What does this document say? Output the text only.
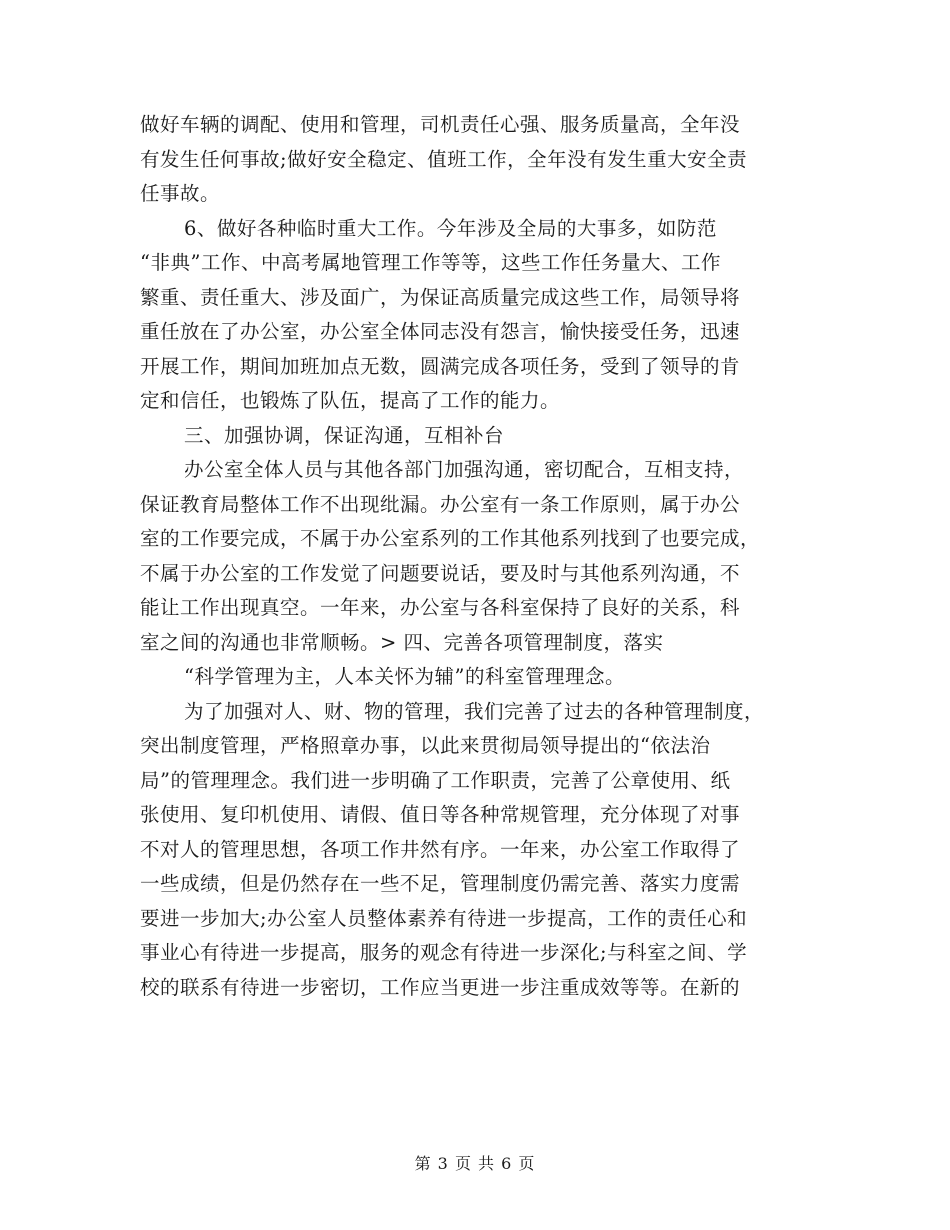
做好车辆的调配、使用和管理，司机责任心强、服务质量高，全年没
有发生任何事故;做好安全稳定、值班工作，全年没有发生重大安全责
任事故。
6、做好各种临时重大工作。今年涉及全局的大事多，如防范
“非典”工作、中高考属地管理工作等等，这些工作任务量大、工作
繁重、责任重大、涉及面广，为保证高质量完成这些工作，局领导将
重任放在了办公室，办公室全体同志没有怨言，愉快接受任务，迅速
开展工作，期间加班加点无数，圆满完成各项任务，受到了领导的肯
定和信任，也锻炼了队伍，提高了工作的能力。
三、加强协调，保证沟通，互相补台
办公室全体人员与其他各部门加强沟通，密切配合，互相支持，
保证教育局整体工作不出现纰漏。办公室有一条工作原则，属于办公
室的工作要完成，不属于办公室系列的工作其他系列找到了也要完成，
不属于办公室的工作发觉了问题要说话，要及时与其他系列沟通，不
能让工作出现真空。一年来，办公室与各科室保持了良好的关系，科
室之间的沟通也非常顺畅。> 四、完善各项管理制度，落实
“科学管理为主，人本关怀为辅”的科室管理理念。
为了加强对人、财、物的管理，我们完善了过去的各种管理制度，
突出制度管理，严格照章办事，以此来贯彻局领导提出的“依法治
局”的管理理念。我们进一步明确了工作职责，完善了公章使用、纸
张使用、复印机使用、请假、值日等各种常规管理，充分体现了对事
不对人的管理思想，各项工作井然有序。一年来，办公室工作取得了
一些成绩，但是仍然存在一些不足，管理制度仍需完善、落实力度需
要进一步加大;办公室人员整体素养有待进一步提高，工作的责任心和
事业心有待进一步提高，服务的观念有待进一步深化;与科室之间、学
校的联系有待进一步密切，工作应当更进一步注重成效等等。在新的
第 3 页 共 6 页
